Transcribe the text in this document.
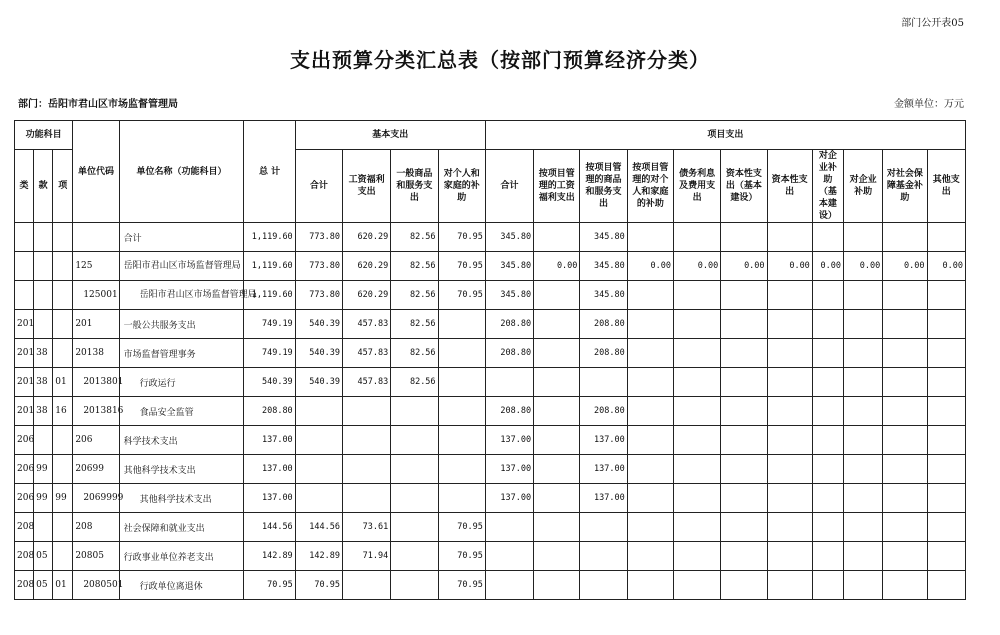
部门公开表05
支出预算分类汇总表（按部门预算经济分类）
部门：岳阳市君山区市场监督管理局	金额单位：万元
功能科目			单位代码	单位名称（功能科目）	总 计	基本支出				项目支出										
类	款	项				合计	工资福利支出	一般商品和服务支出	对个人和家庭的补助	合计	按项目管理的工资福利支出	按项目管理的商品和服务支出	按项目管理的对个人和家庭的补助	债务利息及费用支出	资本性支出（基本建设）	资本性支出	对企业补助（基本建设）	对企业补助	对社会保障基金补助	其他支出
				合计	1,119.60	773.80	620.29	82.56	70.95	345.80		345.80								
			125	岳阳市君山区市场监督管理局	1,119.60	773.80	620.29	82.56	70.95	345.80	0.00	345.80	0.00	0.00	0.00	0.00	0.00	0.00	0.00	0.00
			125001	岳阳市君山区市场监督管理局	1,119.60	773.80	620.29	82.56	70.95	345.80		345.80								
201			201	一般公共服务支出	749.19	540.39	457.83	82.56		208.80		208.80								
201	38		20138	市场监督管理事务	749.19	540.39	457.83	82.56		208.80		208.80								
201	38	01	2013801	行政运行	540.39	540.39	457.83	82.56												
201	38	16	2013816	食品安全监管	208.80					208.80		208.80								
206			206	科学技术支出	137.00					137.00		137.00								
206	99		20699	其他科学技术支出	137.00					137.00		137.00								
206	99	99	2069999	其他科学技术支出	137.00					137.00		137.00								
208			208	社会保障和就业支出	144.56	144.56	73.61		70.95											
208	05		20805	行政事业单位养老支出	142.89	142.89	71.94		70.95											
208	05	01	2080501	行政单位离退休	70.95	70.95			70.95											
